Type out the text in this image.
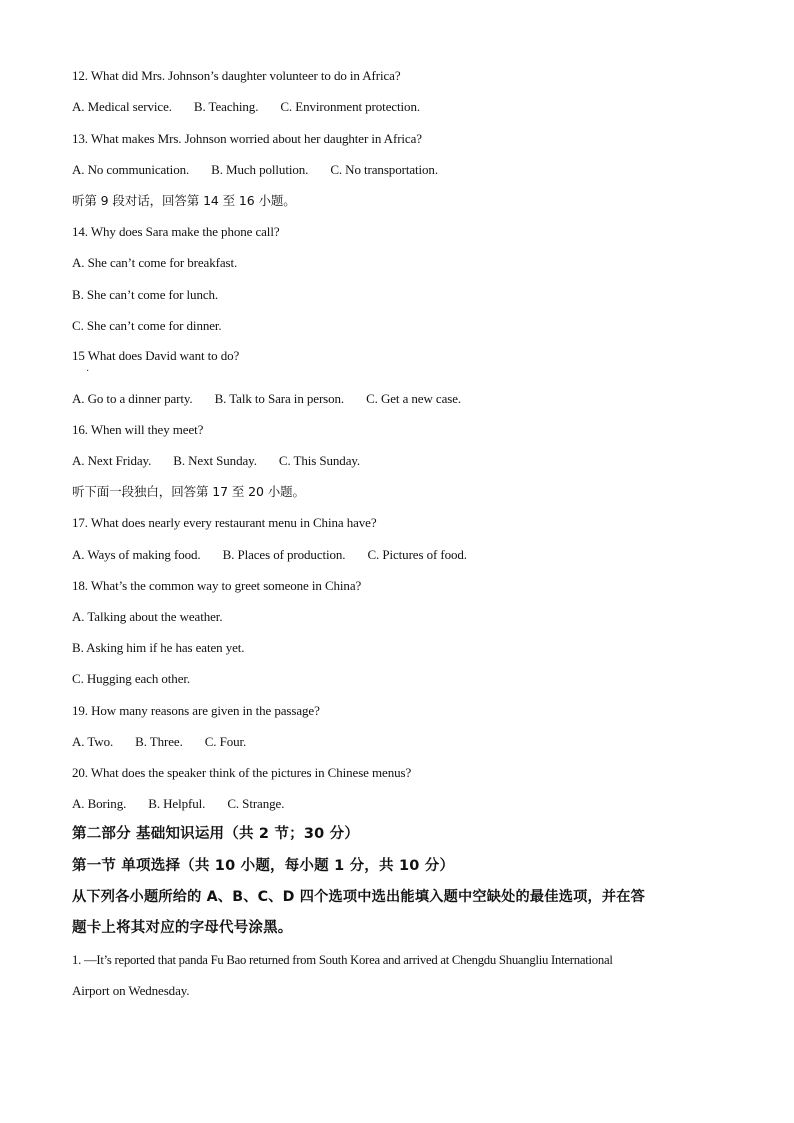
12. What did Mrs. Johnson’s daughter volunteer to do in Africa?
A. Medical service. B. Teaching. C. Environment protection.
13. What makes Mrs. Johnson worried about her daughter in Africa?
A. No communication. B. Much pollution. C. No transportation.
听第 9 段对话，回答第 14 至 16 小题。
14. Why does Sara make the phone call?
A. She can’t come for breakfast.
B. She can’t come for lunch.
C. She can’t come for dinner.
15 What does David want to do?
·
A. Go to a dinner party. B. Talk to Sara in person. C. Get a new case.
16. When will they meet?
A. Next Friday. B. Next Sunday. C. This Sunday.
听下面一段独白，回答第 17 至 20 小题。
17. What does nearly every restaurant menu in China have?
A. Ways of making food. B. Places of production. C. Pictures of food.
18. What’s the common way to greet someone in China?
A. Talking about the weather.
B. Asking him if he has eaten yet.
C. Hugging each other.
19. How many reasons are given in the passage?
A. Two. B. Three. C. Four.
20. What does the speaker think of the pictures in Chinese menus?
A. Boring. B. Helpful. C. Strange.
第二部分 基础知识运用（共 2 节；30 分）
第一节 单项选择（共 10 小题，每小题 1 分，共 10 分）
从下列各小题所给的 A、B、C、D 四个选项中选出能填入题中空缺处的最佳选项，并在答
题卡上将其对应的字母代号涂黑。
1. —It’s reported that panda Fu Bao returned from South Korea and arrived at Chengdu Shuangliu International
Airport on Wednesday.
